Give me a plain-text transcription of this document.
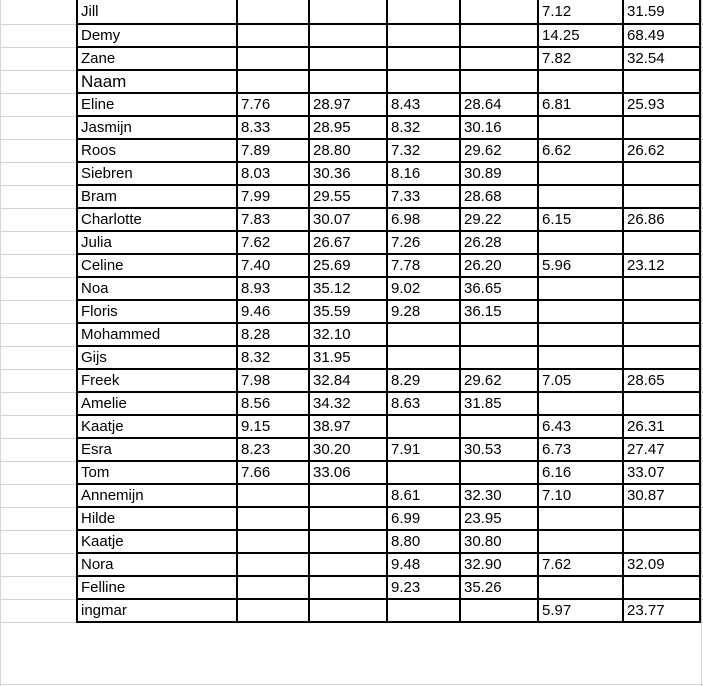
Jill					7.12	31.59
Demy					14.25	68.49
Zane					7.82	32.54
Naam						
Eline	7.76	28.97	8.43	28.64	6.81	25.93
Jasmijn	8.33	28.95	8.32	30.16		
Roos	7.89	28.80	7.32	29.62	6.62	26.62
Siebren	8.03	30.36	8.16	30.89		
Bram	7.99	29.55	7.33	28.68		
Charlotte	7.83	30.07	6.98	29.22	6.15	26.86
Julia	7.62	26.67	7.26	26.28		
Celine	7.40	25.69	7.78	26.20	5.96	23.12
Noa	8.93	35.12	9.02	36.65		
Floris	9.46	35.59	9.28	36.15		
Mohammed	8.28	32.10				
Gijs	8.32	31.95				
Freek	7.98	32.84	8.29	29.62	7.05	28.65
Amelie	8.56	34.32	8.63	31.85		
Kaatje	9.15	38.97			6.43	26.31
Esra	8.23	30.20	7.91	30.53	6.73	27.47
Tom	7.66	33.06			6.16	33.07
Annemijn			8.61	32.30	7.10	30.87
Hilde			6.99	23.95		
Kaatje			8.80	30.80		
Nora			9.48	32.90	7.62	32.09
Felline			9.23	35.26		
ingmar					5.97	23.77
